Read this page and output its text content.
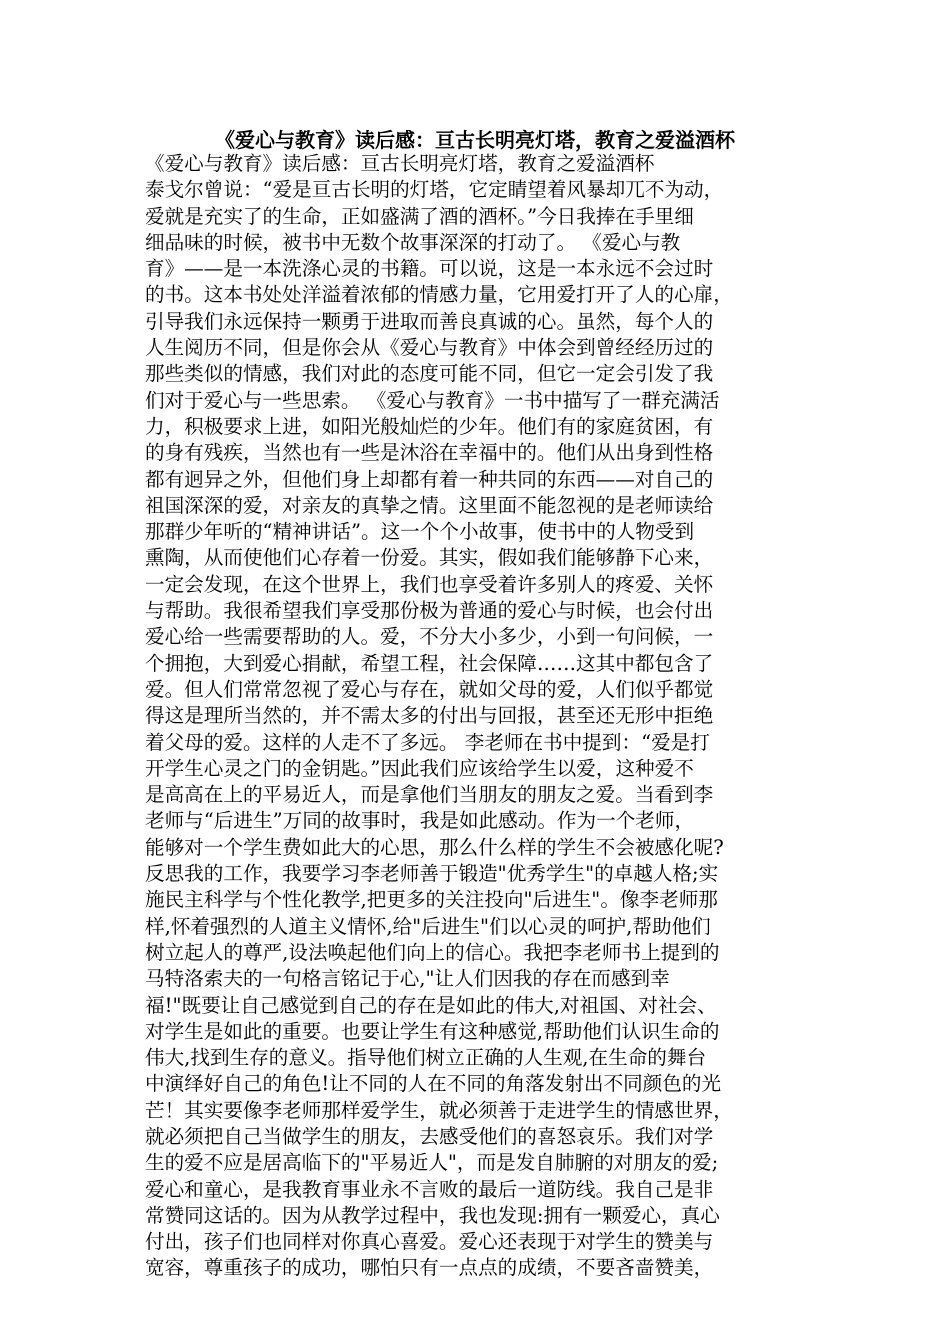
《爱心与教育》读后感：亘古长明亮灯塔，教育之爱溢酒杯
《爱心与教育》读后感：亘古长明亮灯塔，教育之爱溢酒杯
泰戈尔曾说：“爱是亘古长明的灯塔，它定睛望着风暴却兀不为动，
爱就是充实了的生命，正如盛满了酒的酒杯。”今日我捧在手里细
细品味的时候，被书中无数个故事深深的打动了。 《爱心与教
育》——是一本洗涤心灵的书籍。可以说，这是一本永远不会过时
的书。这本书处处洋溢着浓郁的情感力量，它用爱打开了人的心扉，
引导我们永远保持一颗勇于进取而善良真诚的心。虽然，每个人的
人生阅历不同，但是你会从《爱心与教育》中体会到曾经经历过的
那些类似的情感，我们对此的态度可能不同，但它一定会引发了我
们对于爱心与一些思索。 《爱心与教育》一书中描写了一群充满活
力，积极要求上进，如阳光般灿烂的少年。他们有的家庭贫困，有
的身有残疾，当然也有一些是沐浴在幸福中的。他们从出身到性格
都有迥异之外，但他们身上却都有着一种共同的东西——对自己的
祖国深深的爱，对亲友的真挚之情。这里面不能忽视的是老师读给
那群少年听的“精神讲话”。这一个个小故事，使书中的人物受到
熏陶，从而使他们心存着一份爱。其实，假如我们能够静下心来，
一定会发现，在这个世界上，我们也享受着许多别人的疼爱、关怀
与帮助。我很希望我们享受那份极为普通的爱心与时候，也会付出
爱心给一些需要帮助的人。爱，不分大小多少，小到一句问候，一
个拥抱，大到爱心捐献，希望工程，社会保障……这其中都包含了
爱。但人们常常忽视了爱心与存在，就如父母的爱，人们似乎都觉
得这是理所当然的，并不需太多的付出与回报，甚至还无形中拒绝
着父母的爱。这样的人走不了多远。 李老师在书中提到：“爱是打
开学生心灵之门的金钥匙。”因此我们应该给学生以爱，这种爱不
是高高在上的平易近人，而是拿他们当朋友的朋友之爱。当看到李
老师与“后进生”万同的故事时，我是如此感动。作为一个老师，
能够对一个学生费如此大的心思，那么什么样的学生不会被感化呢?
反思我的工作，我要学习李老师善于锻造"优秀学生"的卓越人格;实
施民主科学与个性化教学,把更多的关注投向"后进生"。像李老师那
样,怀着强烈的人道主义情怀,给"后进生"们以心灵的呵护,帮助他们
树立起人的尊严,设法唤起他们向上的信心。我把李老师书上提到的
马特洛索夫的一句格言铭记于心,"让人们因我的存在而感到幸
福!"既要让自己感觉到自己的存在是如此的伟大,对祖国、对社会、
对学生是如此的重要。也要让学生有这种感觉,帮助他们认识生命的
伟大,找到生存的意义。指导他们树立正确的人生观,在生命的舞台
中演绎好自己的角色!让不同的人在不同的角落发射出不同颜色的光
芒！其实要像李老师那样爱学生，就必须善于走进学生的情感世界，
就必须把自己当做学生的朋友，去感受他们的喜怒哀乐。我们对学
生的爱不应是居高临下的"平易近人"，而是发自肺腑的对朋友的爱;
爱心和童心，是我教育事业永不言败的最后一道防线。我自己是非
常赞同这话的。因为从教学过程中，我也发现:拥有一颗爱心，真心
付出，孩子们也同样对你真心喜爱。爱心还表现于对学生的赞美与
宽容，尊重孩子的成功，哪怕只有一点点的成绩，不要吝啬赞美，
